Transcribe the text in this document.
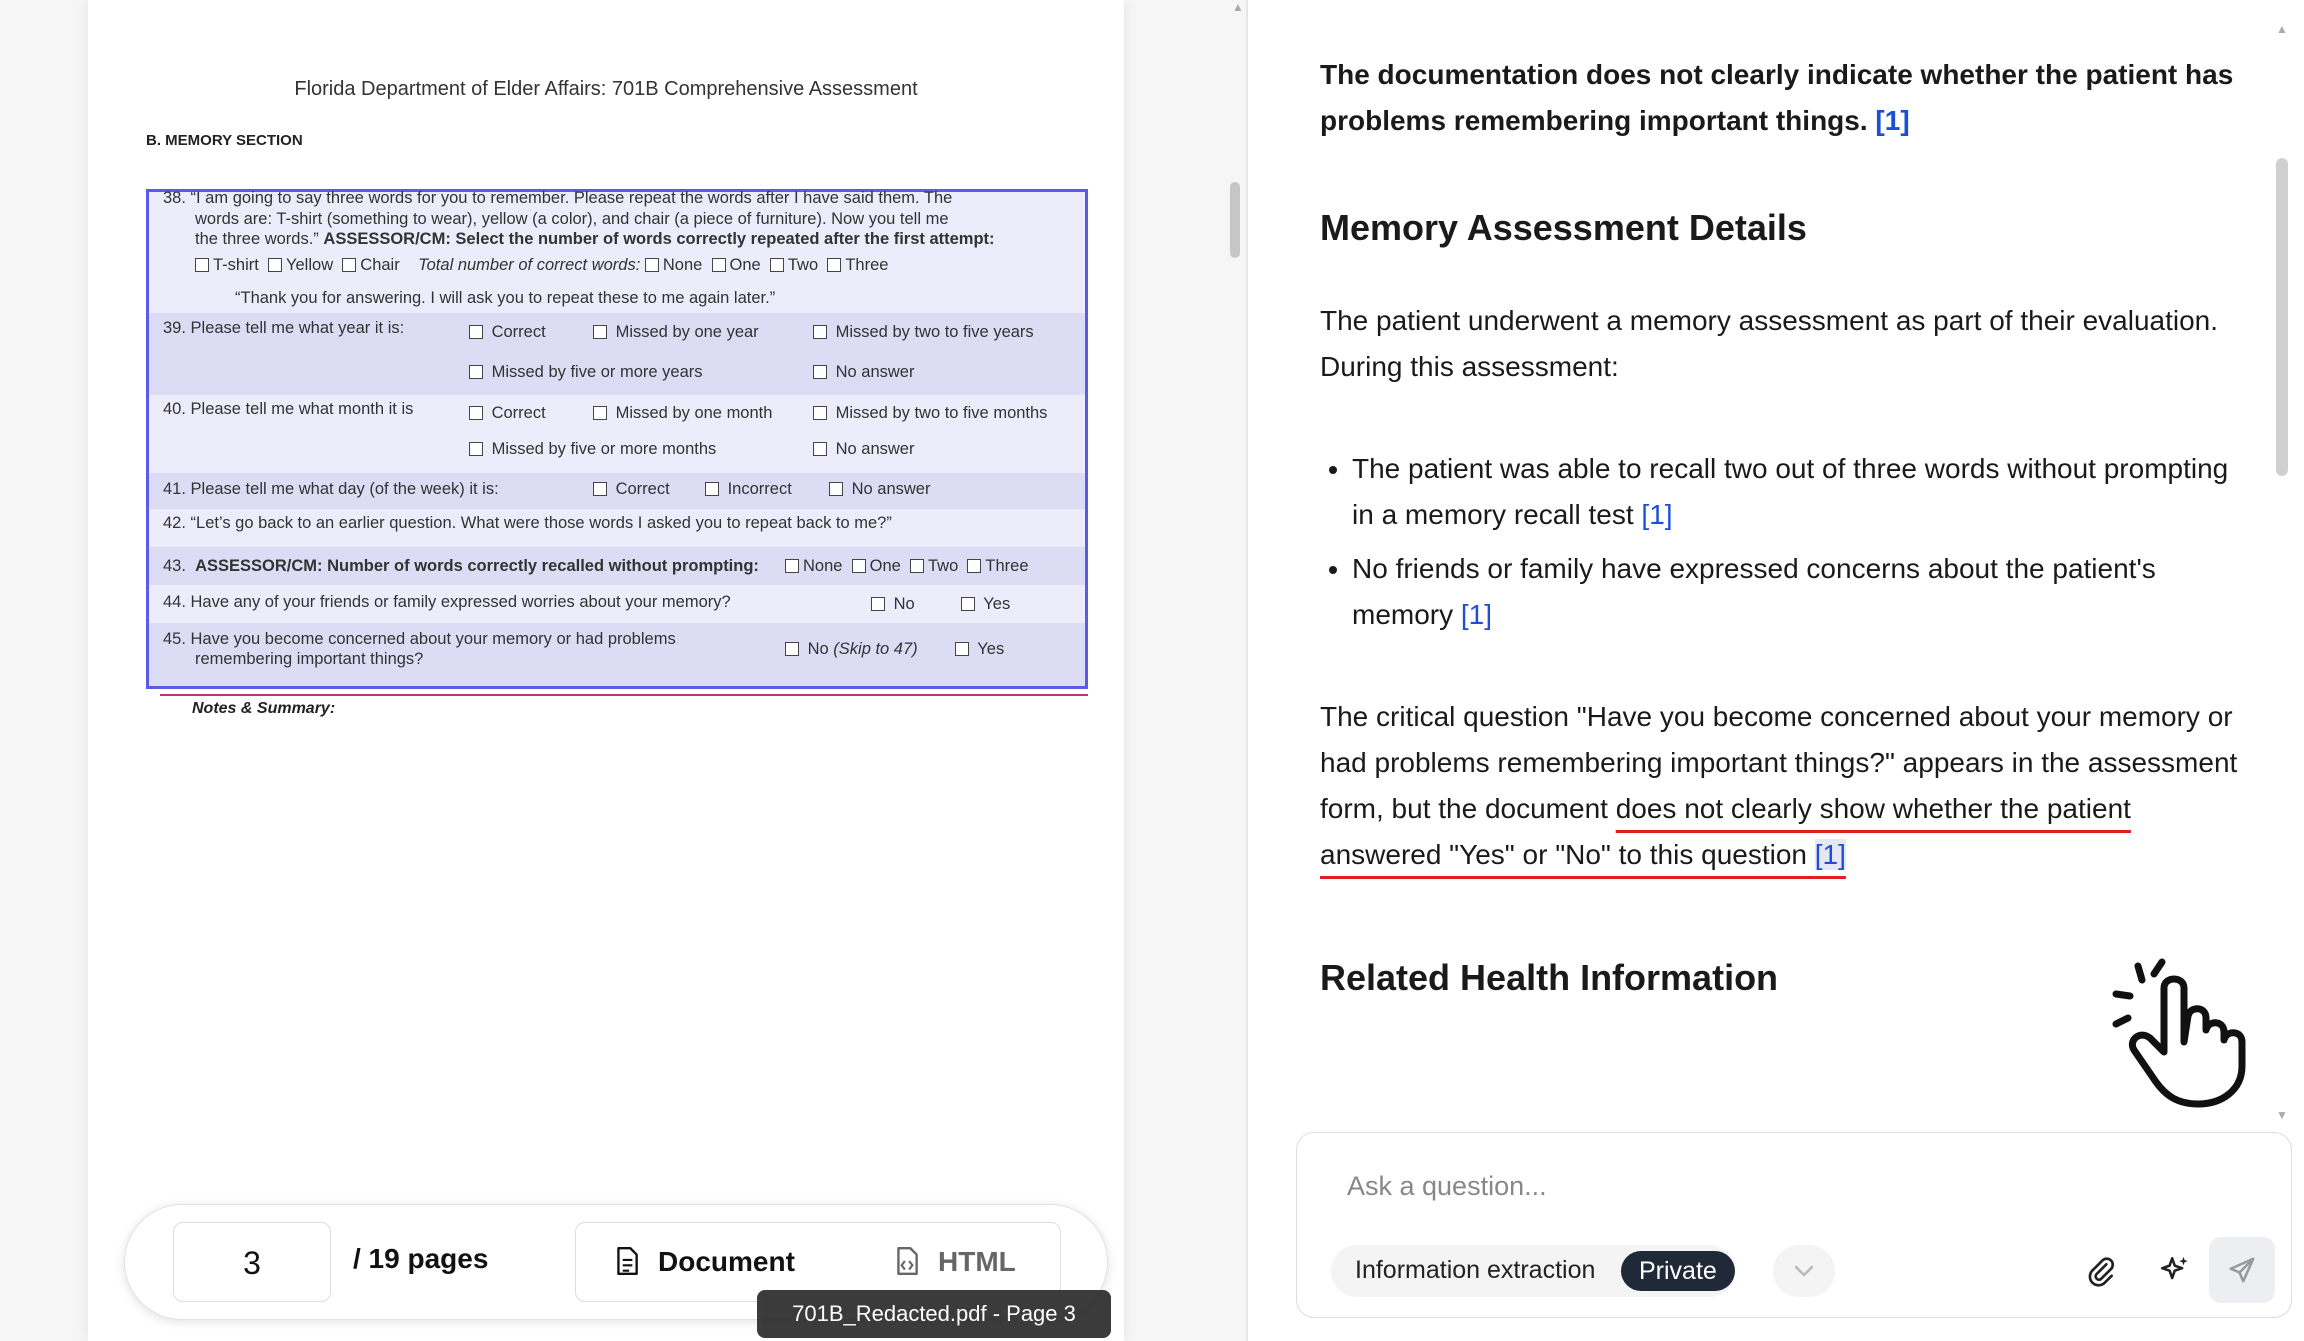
Florida Department of Elder Affairs: 701B Comprehensive Assessment
B. MEMORY SECTION
38. “I am going to say three words for you to remember. Please repeat the words after I have said them. The
words are: T-shirt (something to wear), yellow (a color), and chair (a piece of furniture). Now you tell me
the three words.” ASSESSOR/CM: Select the number of words correctly repeated after the first attempt:
T-shirt Yellow Chair Total number of correct words: None One Two Three
“Thank you for answering. I will ask you to repeat these to me again later.”
39. Please tell me what year it is:	Correct	Missed by one year	Missed by two to five years
Missed by five or more years	No answer
40. Please tell me what month it is	Correct	Missed by one month	Missed by two to five months
Missed by five or more months	No answer
41. Please tell me what day (of the week) it is:	Correct	Incorrect	No answer
42. “Let’s go back to an earlier question. What were those words I asked you to repeat back to me?”
43. ASSESSOR/CM: Number of words correctly recalled without prompting:	None One Two Three
44. Have any of your friends or family expressed worries about your memory?	No	Yes
45. Have you become concerned about your memory or had problems
remembering important things?
No (Skip to 47)	Yes
Notes & Summary:
▲
3	/ 19 pages	Document	HTML
701B_Redacted.pdf - Page 3
▲
▼

The documentation does not clearly indicate whether the patient has problems remembering important things. [1]

Memory Assessment Details

The patient underwent a memory assessment as part of their evaluation. During this assessment:

• The patient was able to recall two out of three words without prompting in a memory recall test [1]
• No friends or family have expressed concerns about the patient's memory [1]

The critical question "Have you become concerned about your memory or had problems remembering important things?" appears in the assessment form, but the document does not clearly show whether the patient answered "Yes" or "No" to this question [1]

Related Health Information
Ask a question...
Information extraction	Private
